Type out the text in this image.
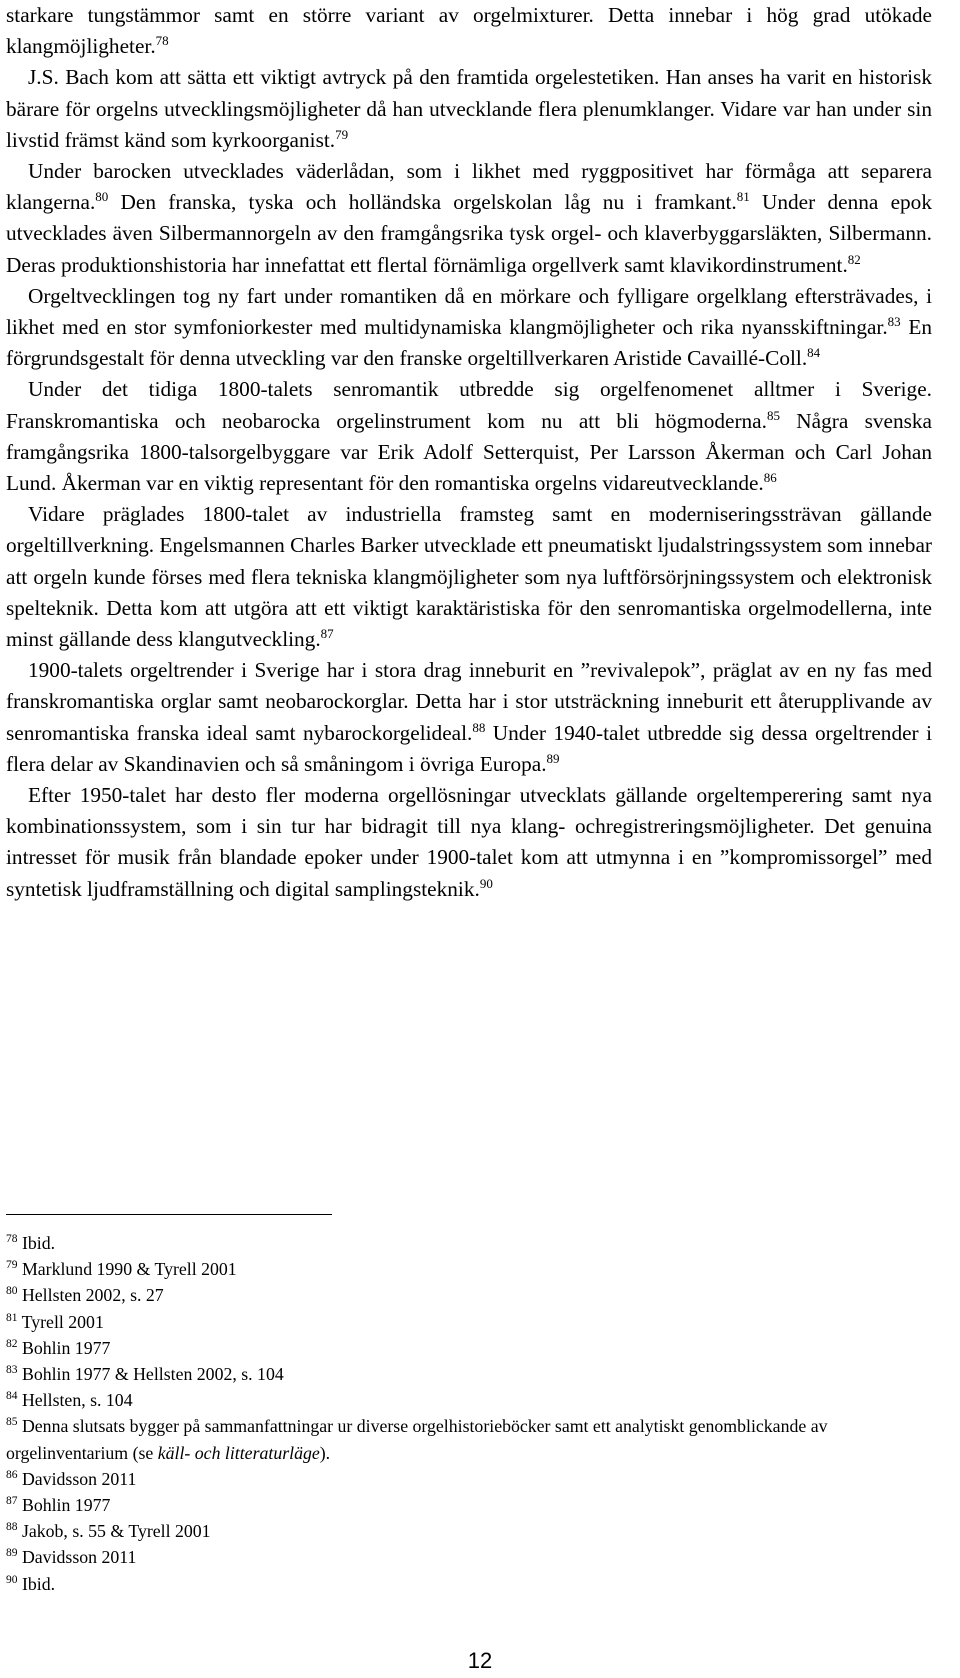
starkare tungstämmor samt en större variant av orgelmixturer. Detta innebar i hög grad utökade klangmöjligheter.$^{78}$

J.S. Bach kom att sätta ett viktigt avtryck på den framtida orgelestetiken. Han anses ha varit en historisk bärare för orgelns utvecklingsmöjligheter då han utvecklande flera plenumklanger. Vidare var han under sin livstid främst känd som kyrkoorganist.$^{79}$

Under barocken utvecklades väderlådan, som i likhet med ryggpositivet har förmåga att separera klangerna.$^{80}$ Den franska, tyska och holländska orgelskolan låg nu i framkant.$^{81}$ Under denna epok utvecklades även Silbermannorgeln av den framgångsrika tysk orgel- och klaverbyggarsläkten, Silbermann. Deras produktionshistoria har innefattat ett flertal förnämliga orgellverk samt klavikordinstrument.$^{82}$

Orgeltvecklingen tog ny fart under romantiken då en mörkare och fylligare orgelklang eftersträvades, i likhet med en stor symfoniorkester med multidynamiska klangmöjligheter och rika nyansskiftningar.$^{83}$ En förgrundsgestalt för denna utveckling var den franske orgeltillverkaren Aristide Cavaillé-Coll.$^{84}$

Under det tidiga 1800-talets senromantik utbredde sig orgelfenomenet alltmer i Sverige. Franskromantiska och neobarocka orgelinstrument kom nu att bli högmoderna.$^{85}$ Några svenska framgångsrika 1800-talsorgelbyggare var Erik Adolf Setterquist, Per Larsson Åkerman och Carl Johan Lund. Åkerman var en viktig representant för den romantiska orgelns vidareutvecklande.$^{86}$

Vidare präglades 1800-talet av industriella framsteg samt en moderniseringssträvan gällande orgeltillverkning. Engelsmannen Charles Barker utvecklade ett pneumatiskt ljudalstringssystem som innebar att orgeln kunde förses med flera tekniska klangmöjligheter som nya luftförsörjningssystem och elektronisk spelteknik. Detta kom att utgöra att ett viktigt karaktäristiska för den senromantiska orgelmodellerna, inte minst gällande dess klangutveckling.$^{87}$

1900-talets orgeltrender i Sverige har i stora drag inneburit en ”revivalepok”, präglat av en ny fas med franskromantiska orglar samt neobarockorglar. Detta har i stor utsträckning inneburit ett återupplivande av senromantiska franska ideal samt nybarockorgelideal.$^{88}$ Under 1940-talet utbredde sig dessa orgeltrender i flera delar av Skandinavien och så småningom i övriga Europa.$^{89}$

Efter 1950-talet har desto fler moderna orgellösningar utvecklats gällande orgeltemperering samt nya kombinationssystem, som i sin tur har bidragit till nya klang- ochregistreringsmöjligheter. Det genuina intresset för musik från blandade epoker under 1900-talet kom att utmynna i en ”kompromissorgel” med syntetisk ljudframställning och digital samplingsteknik.$^{90}$

$^{78}$ Ibid.
$^{79}$ Marklund 1990 & Tyrell 2001
$^{80}$ Hellsten 2002, s. 27
$^{81}$ Tyrell 2001
$^{82}$ Bohlin 1977
$^{83}$ Bohlin 1977 & Hellsten 2002, s. 104
$^{84}$ Hellsten, s. 104
$^{85}$ Denna slutsats bygger på sammanfattningar ur diverse orgelhistorieböcker samt ett analytiskt genomblickande av orgelinventarium (se käll- och litteraturläge).
$^{86}$ Davidsson 2011
$^{87}$ Bohlin 1977
$^{88}$ Jakob, s. 55 & Tyrell 2001
$^{89}$ Davidsson 2011
$^{90}$ Ibid.
12
